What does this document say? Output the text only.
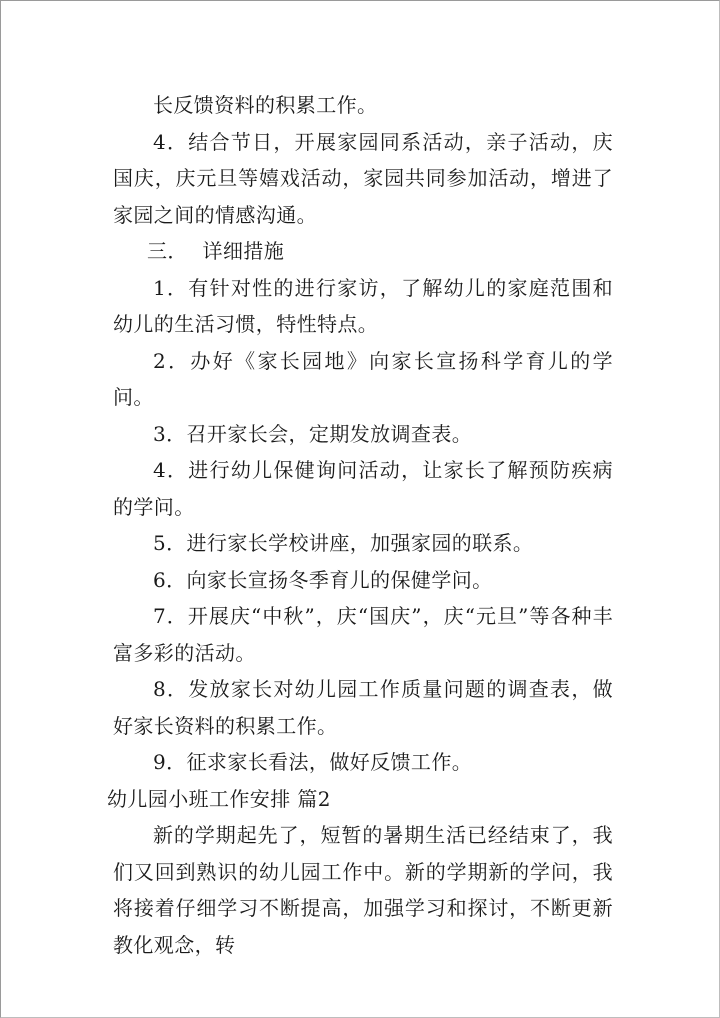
长反馈资料的积累工作。

4．结合节日，开展家园同系活动，亲子活动，庆国庆，庆元旦等嬉戏活动，家园共同参加活动，增进了家园之间的情感沟通。

三． 详细措施

1．有针对性的进行家访，了解幼儿的家庭范围和幼儿的生活习惯，特性特点。

2．办好《家长园地》向家长宣扬科学育儿的学问。

3．召开家长会，定期发放调查表。

4．进行幼儿保健询问活动，让家长了解预防疾病的学问。

5．进行家长学校讲座，加强家园的联系。

6．向家长宣扬冬季育儿的保健学问。

7．开展庆“中秋”，庆“国庆”，庆“元旦”等各种丰富多彩的活动。

8．发放家长对幼儿园工作质量问题的调查表，做好家长资料的积累工作。

9．征求家长看法，做好反馈工作。

幼儿园小班工作安排 篇2

新的学期起先了，短暂的暑期生活已经结束了，我们又回到熟识的幼儿园工作中。新的学期新的学问，我将接着仔细学习不断提高，加强学习和探讨，不断更新教化观念，转
